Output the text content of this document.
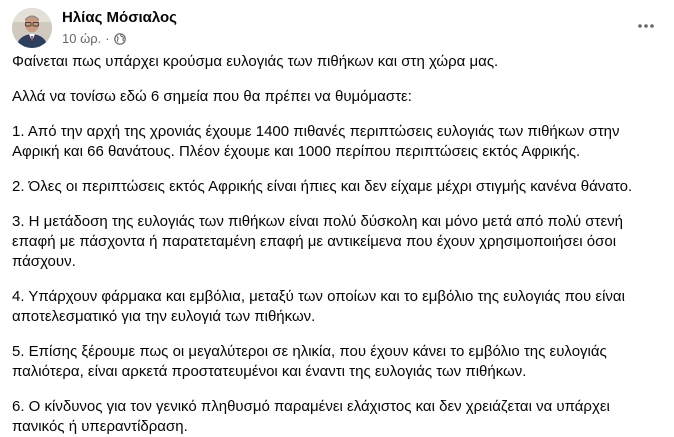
Ηλίας Μόσιαλος
10 ώρ. ·

Φαίνεται πως υπάρχει κρούσμα ευλογιάς των πιθήκων και στη χώρα μας.

Αλλά να τονίσω εδώ 6 σημεία που θα πρέπει να θυμόμαστε:

1. Από την αρχή της χρονιάς έχουμε 1400 πιθανές περιπτώσεις ευλογιάς των πιθήκων στην Αφρική και 66 θανάτους. Πλέον έχουμε και 1000 περίπου περιπτώσεις εκτός Αφρικής.

2. Όλες οι περιπτώσεις εκτός Αφρικής είναι ήπιες και δεν είχαμε μέχρι στιγμής κανένα θάνατο.

3. Η μετάδοση της ευλογιάς των πιθήκων είναι πολύ δύσκολη και μόνο μετά από πολύ στενή επαφή με πάσχοντα ή παρατεταμένη επαφή με αντικείμενα που έχουν χρησιμοποιήσει όσοι πάσχουν.

4. Υπάρχουν φάρμακα και εμβόλια, μεταξύ των οποίων και το εμβόλιο της ευλογιάς που είναι αποτελεσματικό για την ευλογιά των πιθήκων.

5. Επίσης ξέρουμε πως οι μεγαλύτεροι σε ηλικία, που έχουν κάνει το εμβόλιο της ευλογιάς παλιότερα, είναι αρκετά προστατευμένοι και έναντι της ευλογιάς των πιθήκων.

6. Ο κίνδυνος για τον γενικό πληθυσμό παραμένει ελάχιστος και δεν χρειάζεται να υπάρχει πανικός ή υπεραντίδραση.
